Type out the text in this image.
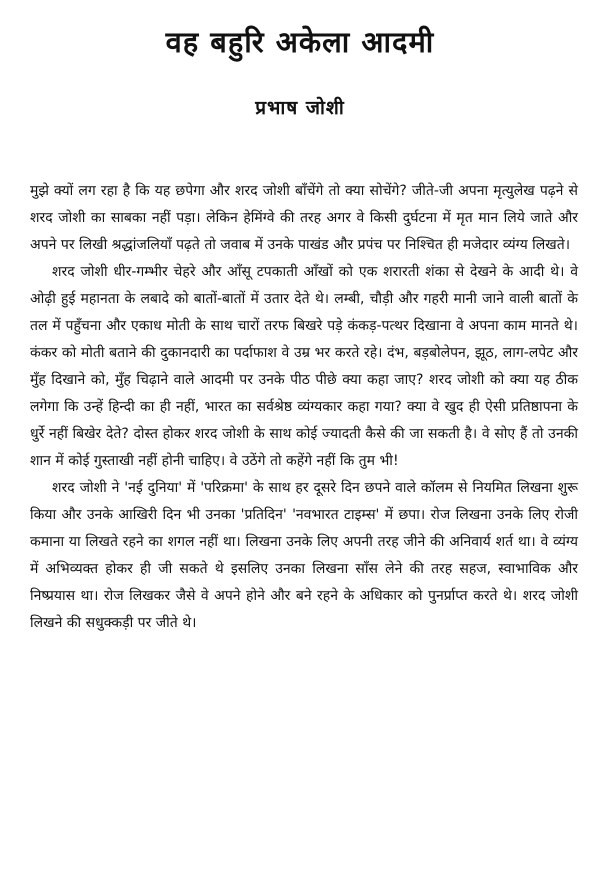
वह बहुरि अकेला आदमी
प्रभाष जोशी

मुझे क्यों लग रहा है कि यह छपेगा और शरद जोशी बाँचेंगे तो क्या सोचेंगे? जीते-जी अपना मृत्युलेख पढ़ने से शरद जोशी का साबका नहीं पड़ा। लेकिन हेमिंग्वे की तरह अगर वे किसी दुर्घटना में मृत मान लिये जाते और अपने पर लिखी श्रद्धांजलियाँ पढ़ते तो जवाब में उनके पाखंड और प्रपंच पर निश्चित ही मजेदार व्यंग्य लिखते।

शरद जोशी धीर-गम्भीर चेहरे और आँसू टपकाती आँखों को एक शरारती शंका से देखने के आदी थे। वे ओढ़ी हुई महानता के लबादे को बातों-बातों में उतार देते थे। लम्बी, चौड़ी और गहरी मानी जाने वाली बातों के तल में पहुँचना और एकाध मोती के साथ चारों तरफ बिखरे पड़े कंकड़-पत्थर दिखाना वे अपना काम मानते थे। कंकर को मोती बताने की दुकानदारी का पर्दाफाश वे उम्र भर करते रहे। दंभ, बड़बोलेपन, झूठ, लाग-लपेट और मुँह दिखाने को, मुँह चिढ़ाने वाले आदमी पर उनके पीठ पीछे क्या कहा जाए? शरद जोशी को क्या यह ठीक लगेगा कि उन्हें हिन्दी का ही नहीं, भारत का सर्वश्रेष्ठ व्यंग्यकार कहा गया? क्या वे खुद ही ऐसी प्रतिष्ठापना के धुर्रे नहीं बिखेर देते? दोस्त होकर शरद जोशी के साथ कोई ज्यादती कैसे की जा सकती है। वे सोए हैं तो उनकी शान में कोई गुस्ताखी नहीं होनी चाहिए। वे उठेंगे तो कहेंगे नहीं कि तुम भी!

शरद जोशी ने 'नई दुनिया' में 'परिक्रमा' के साथ हर दूसरे दिन छपने वाले कॉलम से नियमित लिखना शुरू किया और उनके आखिरी दिन भी उनका 'प्रतिदिन' 'नवभारत टाइम्स' में छपा। रोज लिखना उनके लिए रोजी कमाना या लिखते रहने का शगल नहीं था। लिखना उनके लिए अपनी तरह जीने की अनिवार्य शर्त था। वे व्यंग्य में अभिव्यक्त होकर ही जी सकते थे इसलिए उनका लिखना साँस लेने की तरह सहज, स्वाभाविक और निष्प्रयास था। रोज लिखकर जैसे वे अपने होने और बने रहने के अधिकार को पुनर्प्राप्त करते थे। शरद जोशी लिखने की सधुक्कड़ी पर जीते थे।
